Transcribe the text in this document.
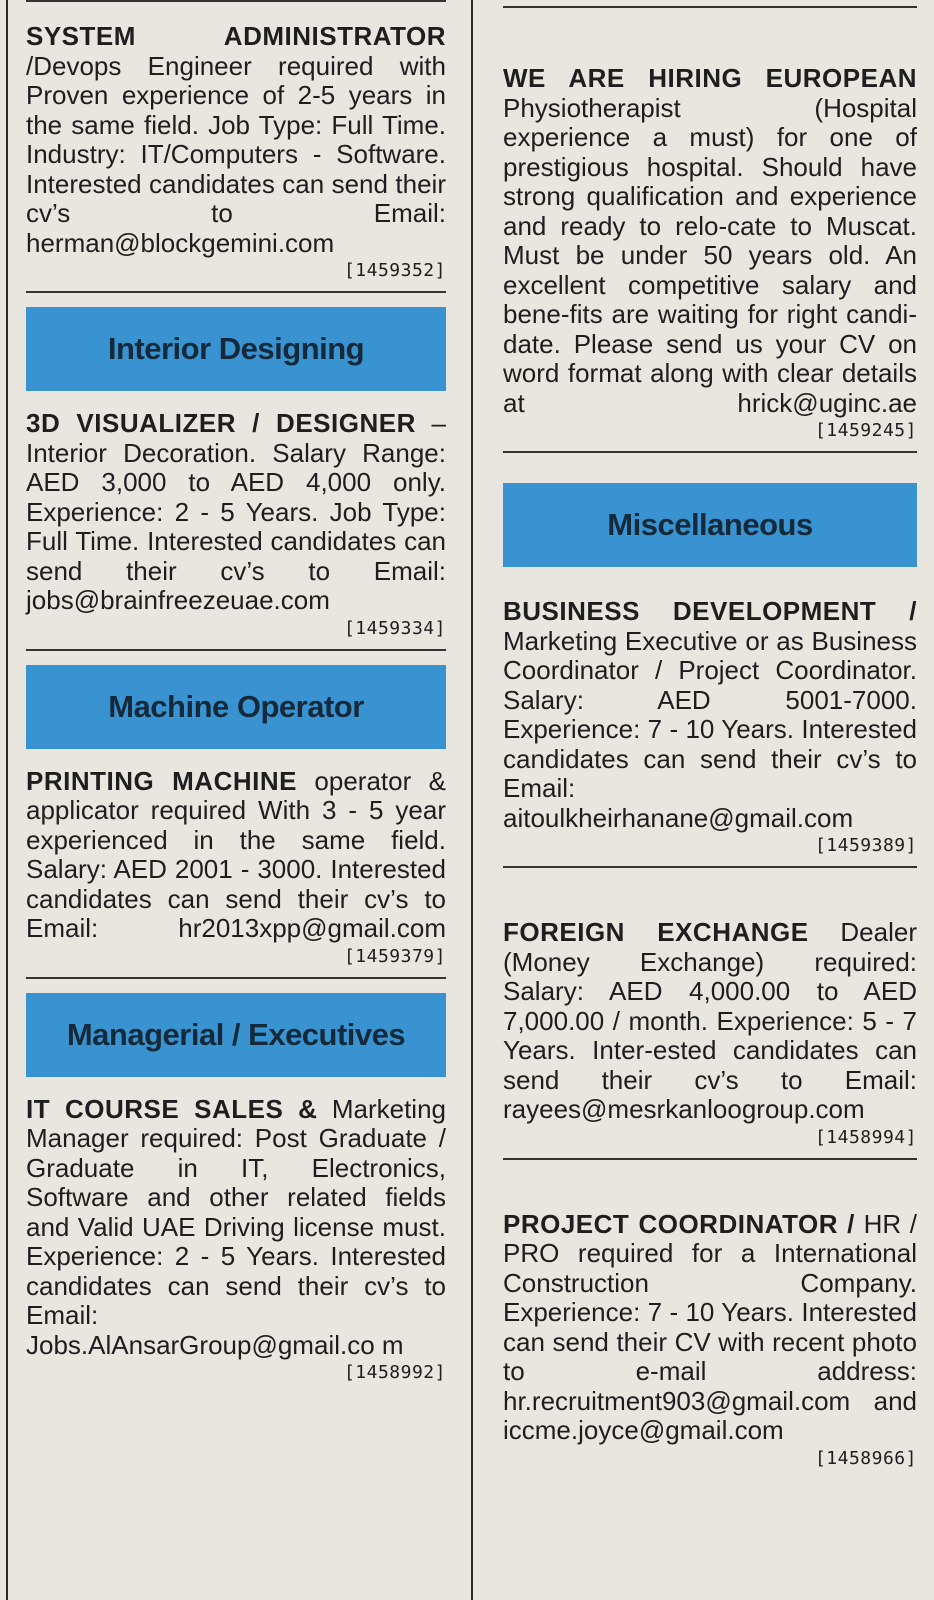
SYSTEM ADMINISTRATOR /Devops Engineer required with Proven experience of 2-5 years in the same field. Job Type: Full Time. Industry: IT/Computers - Software. Interested candidates can send their cv’s to Email: herman@blockgemini.com
[1459352]
Interior Designing
3D VISUALIZER / DESIGNER – Interior Decoration. Salary Range: AED 3,000 to AED 4,000 only. Experience: 2 - 5 Years. Job Type: Full Time. Interested candidates can send their cv’s to Email: jobs@brainfreezeuae.com
[1459334]
Machine Operator
PRINTING MACHINE operator & applicator required With 3 - 5 year experienced in the same field. Salary: AED 2001 - 3000. Interested candidates can send their cv’s to Email: hr2013xpp@gmail.com
[1459379]
Managerial / Executives
IT COURSE SALES & Marketing Manager required: Post Graduate / Graduate in IT, Electronics, Software and other related fields and Valid UAE Driving license must. Experience: 2 - 5 Years. Interested candidates can send their cv’s to Email: Jobs.AlAnsarGroup@gmail.co m
[1458992]
WE ARE HIRING EUROPEAN Physiotherapist (Hospital experience a must) for one of prestigious hospital. Should have strong qualification and experience and ready to relo-cate to Muscat. Must be under 50 years old. An excellent competitive salary and bene-fits are waiting for right candi-date. Please send us your CV on word format along with clear details at hrick@uginc.ae
[1459245]
Miscellaneous
BUSINESS DEVELOPMENT / Marketing Executive or as Business Coordinator / Project Coordinator. Salary: AED 5001-7000. Experience: 7 - 10 Years. Interested candidates can send their cv’s to Email: aitoulkheirhanane@gmail.com
[1459389]
FOREIGN EXCHANGE Dealer (Money Exchange) required: Salary: AED 4,000.00 to AED 7,000.00 / month. Experience: 5 - 7 Years. Inter-ested candidates can send their cv’s to Email: rayees@mesrkanloogroup.com
[1458994]
PROJECT COORDINATOR / HR / PRO required for a International Construction Company. Experience: 7 - 10 Years. Interested can send their CV with recent photo to e-mail address: hr.recruitment903@gmail.com and iccme.joyce@gmail.com
[1458966]
